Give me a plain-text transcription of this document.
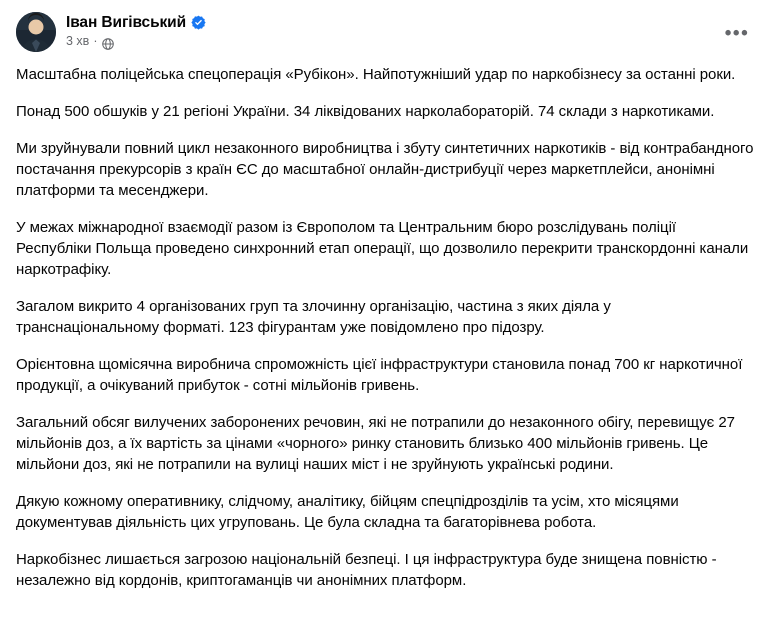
Іван Вигівський
3 хв ·	•••

Масштабна поліцейська спецоперація «Рубікон». Найпотужніший удар по наркобізнесу за останні роки.

Понад 500 обшуків у 21 регіоні України. 34 ліквідованих нарколабораторій. 74 склади з наркотиками.

Ми зруйнували повний цикл незаконного виробництва і збуту синтетичних наркотиків - від контрабандного постачання прекурсорів з країн ЄС до масштабної онлайн-дистрибуції через маркетплейси, анонімні платформи та месенджери.

У межах міжнародної взаємодії разом із Європолом та Центральним бюро розслідувань поліції Республіки Польща проведено синхронний етап операції, що дозволило перекрити транскордонні канали наркотрафіку.

Загалом викрито 4 організованих груп та злочинну організацію, частина з яких діяла у транснаціональному форматі. 123 фігурантам уже повідомлено про підозру.

Орієнтовна щомісячна виробнича спроможність цієї інфраструктури становила понад 700 кг наркотичної продукції, а очікуваний прибуток - сотні мільйонів гривень.

Загальний обсяг вилучених заборонених речовин, які не потрапили до незаконного обігу, перевищує 27 мільйонів доз, а їх вартість за цінами «чорного» ринку становить близько 400 мільйонів гривень. Це мільйони доз, які не потрапили на вулиці наших міст і не зруйнують українські родини.

Дякую кожному оперативнику, слідчому, аналітику, бійцям спецпідрозділів та усім, хто місяцями документував діяльність цих угруповань. Це була складна та багаторівнева робота.

Наркобізнес лишається загрозою національній безпеці. І ця інфраструктура буде знищена повністю - незалежно від кордонів, криптогаманців чи анонімних платформ.
